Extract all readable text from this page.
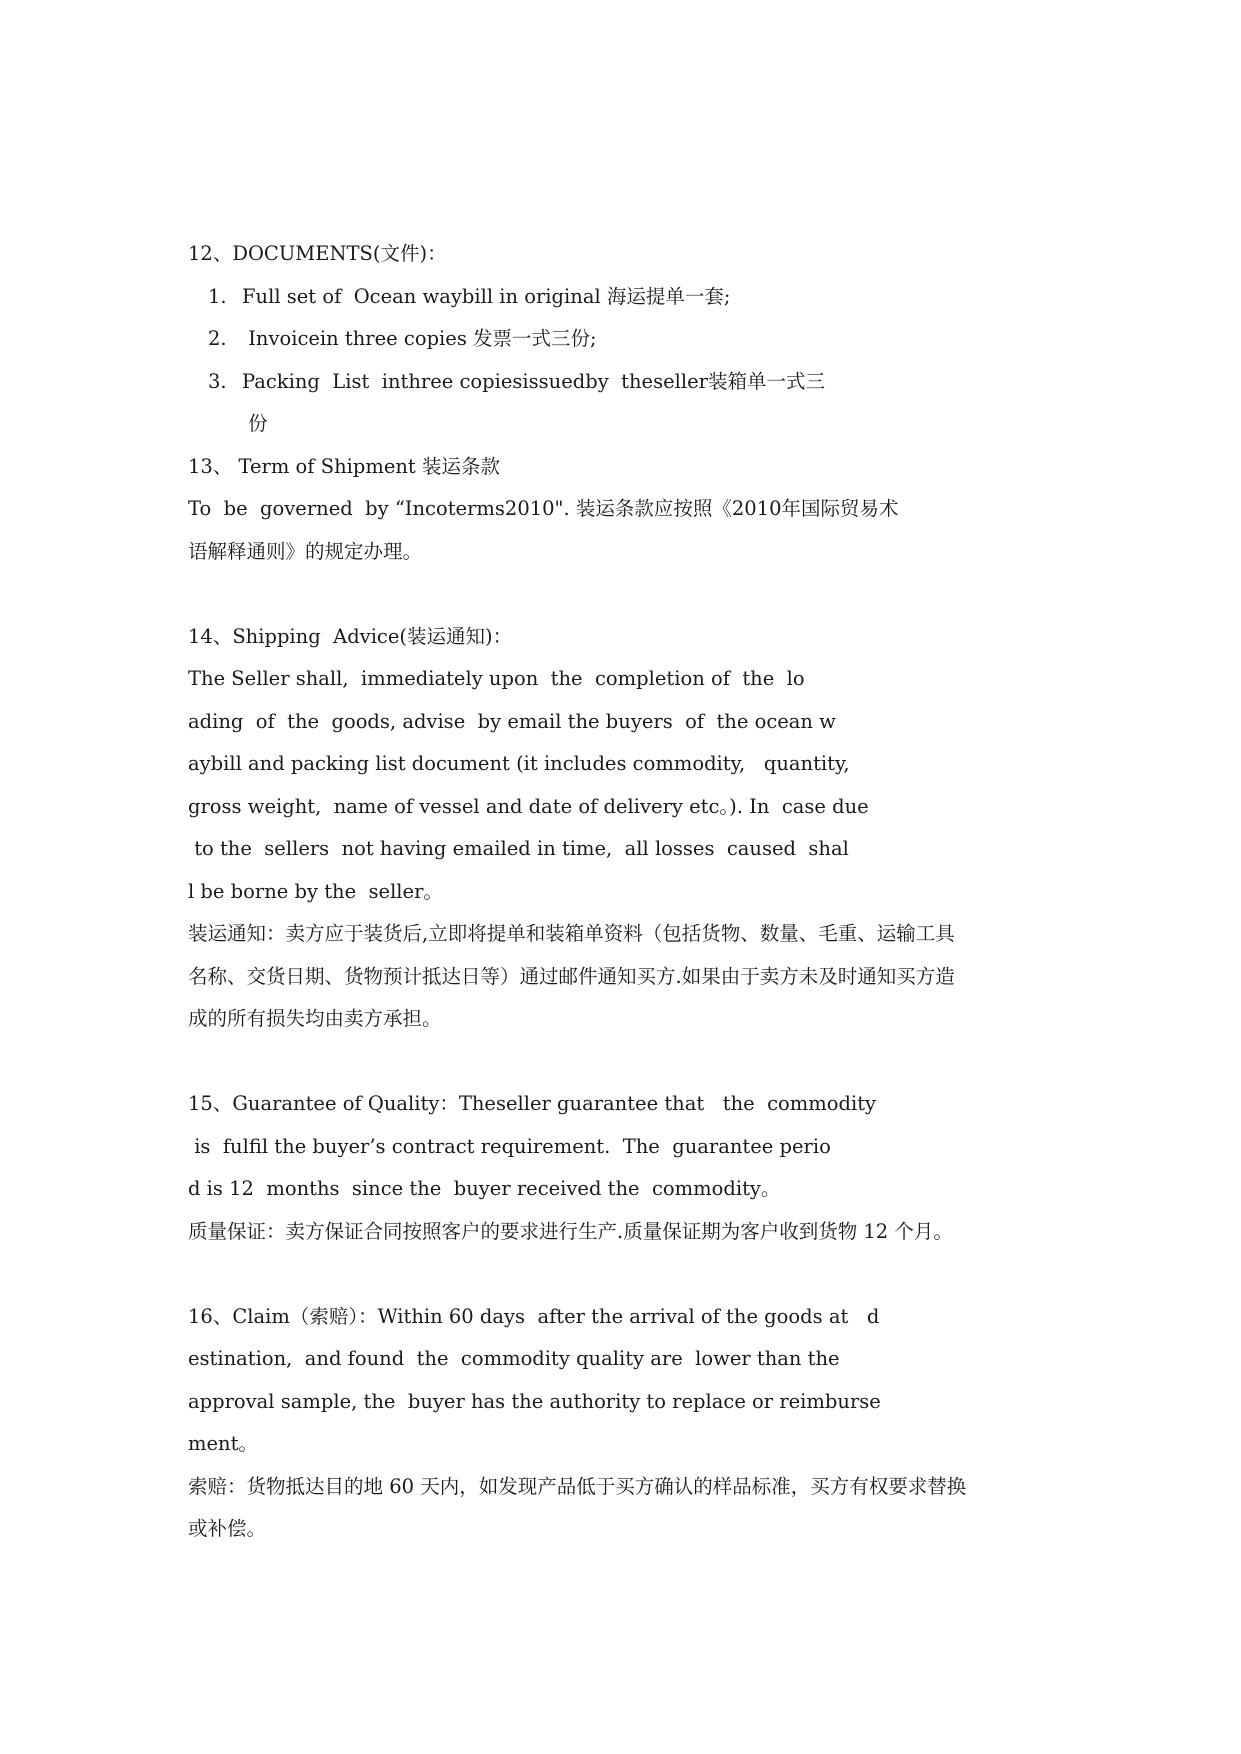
12、DOCUMENTS(文件)：
1. Full set of  Ocean waybill in original 海运提单一套;
2. Invoicein three copies 发票一式三份;
3. Packing  List  inthree copiesissuedby  theseller装箱单一式三
份
13、 Term of Shipment 装运条款
To  be  governed  by “Incoterms2010". 装运条款应按照《2010年国际贸易术
语解释通则》的规定办理。
14、Shipping  Advice(装运通知)：
The Seller shall,  immediately upon  the  completion of  the  lo
ading  of  the  goods, advise  by email the buyers  of  the ocean w
aybill and packing list document (it includes commodity,   quantity,
gross weight,  name of vessel and date of delivery etc。). In  case due
to the  sellers  not having emailed in time,  all losses  caused  shal
l be borne by the  seller。
装运通知：卖方应于装货后,立即将提单和装箱单资料（包括货物、数量、毛重、运输工具
名称、交货日期、货物预计抵达日等）通过邮件通知买方.如果由于卖方未及时通知买方造
成的所有损失均由卖方承担。
15、Guarantee of Quality：Theseller guarantee that   the  commodity
is  fulfil the buyer’s contract requirement.  The  guarantee perio
d is 12  months  since the  buyer received the  commodity。
质量保证：卖方保证合同按照客户的要求进行生产.质量保证期为客户收到货物 12 个月。
16、Claim（索赔）：Within 60 days  after the arrival of the goods at   d
estination,  and found  the  commodity quality are  lower than the
approval sample, the  buyer has the authority to replace or reimburse
ment。
索赔：货物抵达目的地 60 天内，如发现产品低于买方确认的样品标准，买方有权要求替换
或补偿。
